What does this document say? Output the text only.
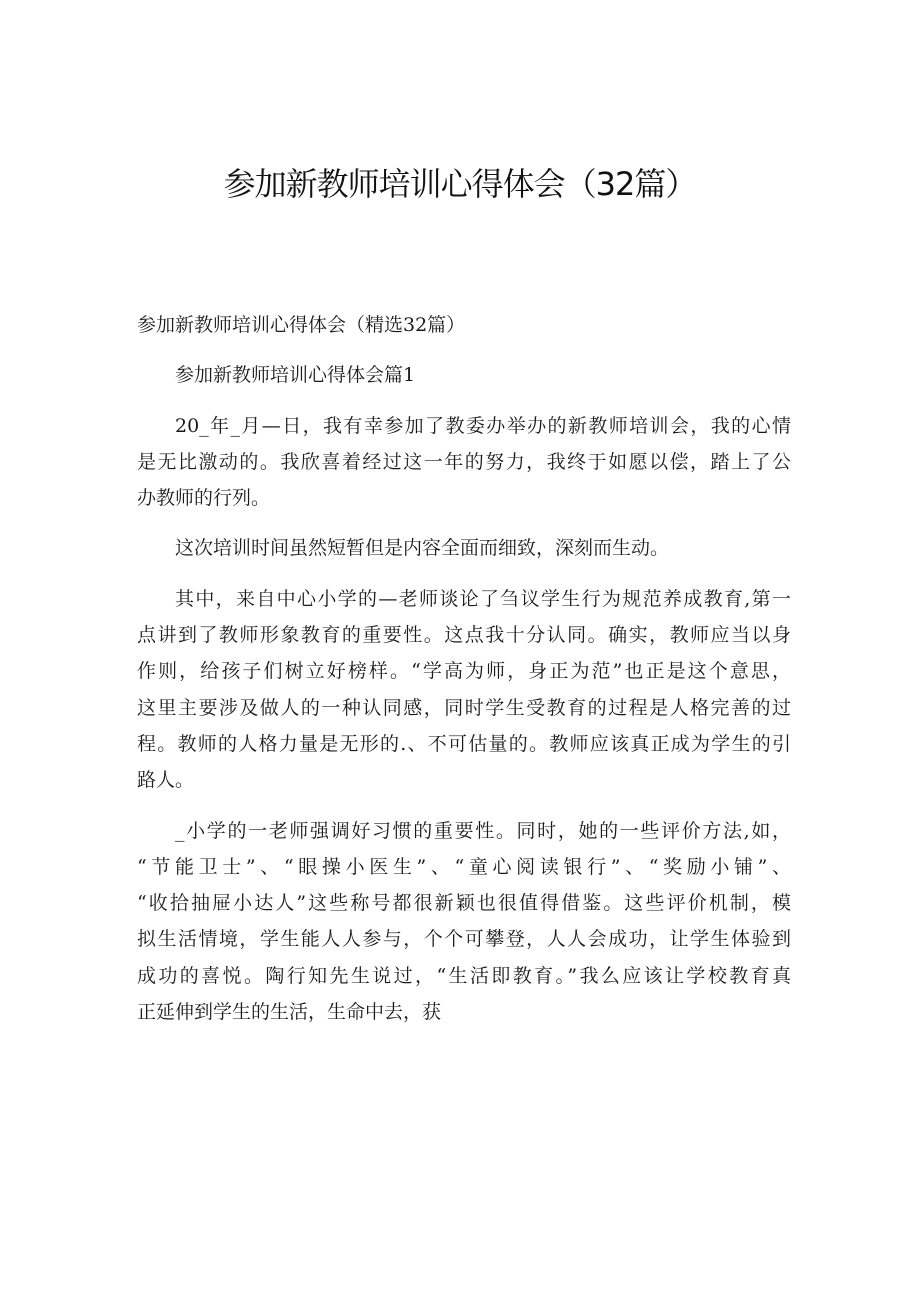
参加新教师培训心得体会（32篇）

参加新教师培训心得体会（精选32篇）

参加新教师培训心得体会篇1

20_年_月—日，我有幸参加了教委办举办的新教师培训会，我的心情
是无比激动的。我欣喜着经过这一年的努力，我终于如愿以偿，踏上了公
办教师的行列。

这次培训时间虽然短暂但是内容全面而细致，深刻而生动。

其中，来自中心小学的—老师谈论了刍议学生行为规范养成教育,第一
点讲到了教师形象教育的重要性。这点我十分认同。确实，教师应当以身
作则，给孩子们树立好榜样。“学高为师，身正为范”也正是这个意思，
这里主要涉及做人的一种认同感，同时学生受教育的过程是人格完善的过
程。教师的人格力量是无形的.、不可估量的。教师应该真正成为学生的引
路人。

_小学的一老师强调好习惯的重要性。同时，她的一些评价方法,如，
“节能卫士”、“眼操小医生”、“童心阅读银行”、“奖励小铺”、
“收拾抽屉小达人”这些称号都很新颖也很值得借鉴。这些评价机制，模
拟生活情境，学生能人人参与，个个可攀登，人人会成功，让学生体验到
成功的喜悦。陶行知先生说过，“生活即教育。”我么应该让学校教育真
正延伸到学生的生活，生命中去，获
